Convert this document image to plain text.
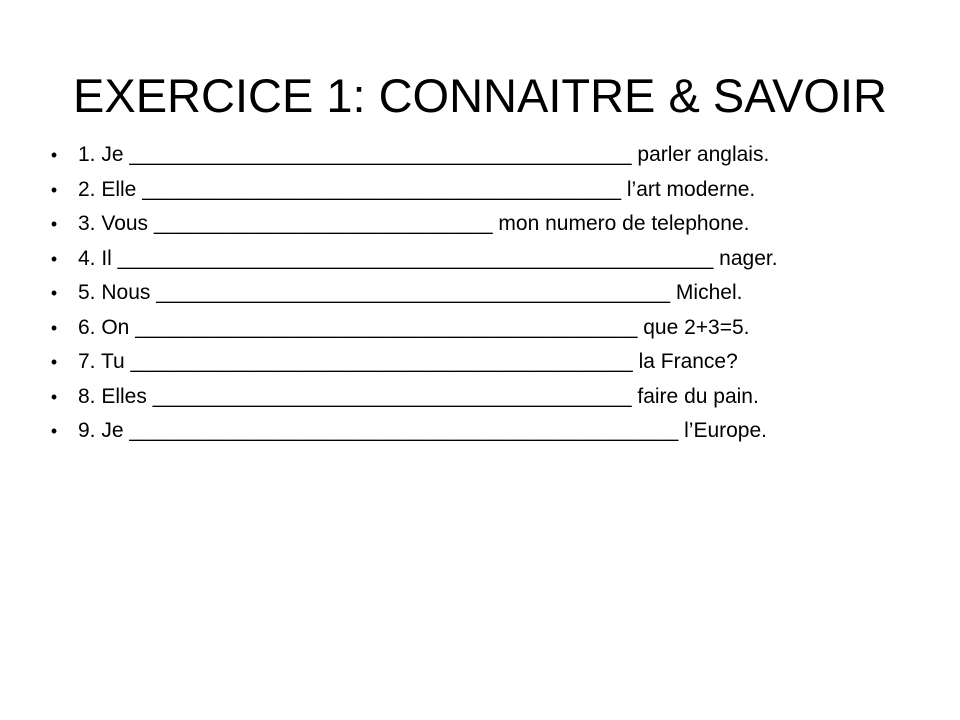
EXERCICE 1: CONNAITRE & SAVOIR
• 1. Je ___________________________________________ parler anglais.
• 2. Elle _________________________________________ l’art moderne.
• 3. Vous _____________________________ mon numero de telephone.
• 4. Il ___________________________________________________ nager.
• 5. Nous ____________________________________________ Michel.
• 6. On ___________________________________________ que 2+3=5.
• 7. Tu ___________________________________________ la France?
• 8. Elles _________________________________________ faire du pain.
• 9. Je _______________________________________________ l’Europe.
